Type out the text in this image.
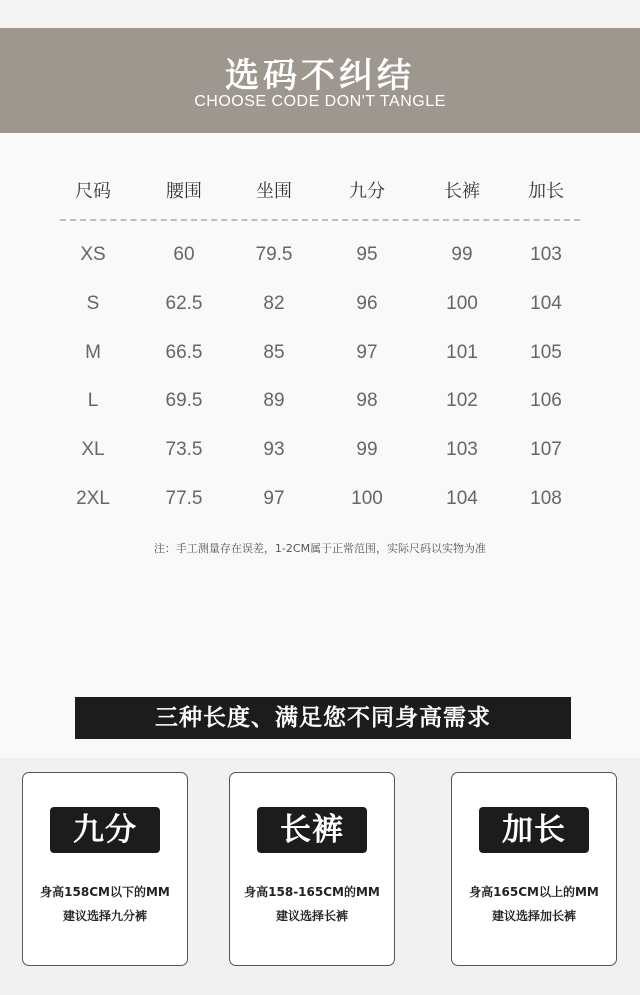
选码不纠结
CHOOSE CODE DON'T TANGLE
尺码	腰围	坐围	九分	长裤	加长
XS	60	79.5	95	99	103
S	62.5	82	96	100	104
M	66.5	85	97	101	105
L	69.5	89	98	102	106
XL	73.5	93	99	103	107
2XL	77.5	97	100	104	108
注：手工测量存在误差，1-2CM属于正常范围，实际尺码以实物为准
三种长度、满足您不同身高需求
九分
身高158CM以下的MM
建议选择九分裤
长裤
身高158-165CM的MM
建议选择长裤
加长
身高165CM以上的MM
建议选择加长裤
